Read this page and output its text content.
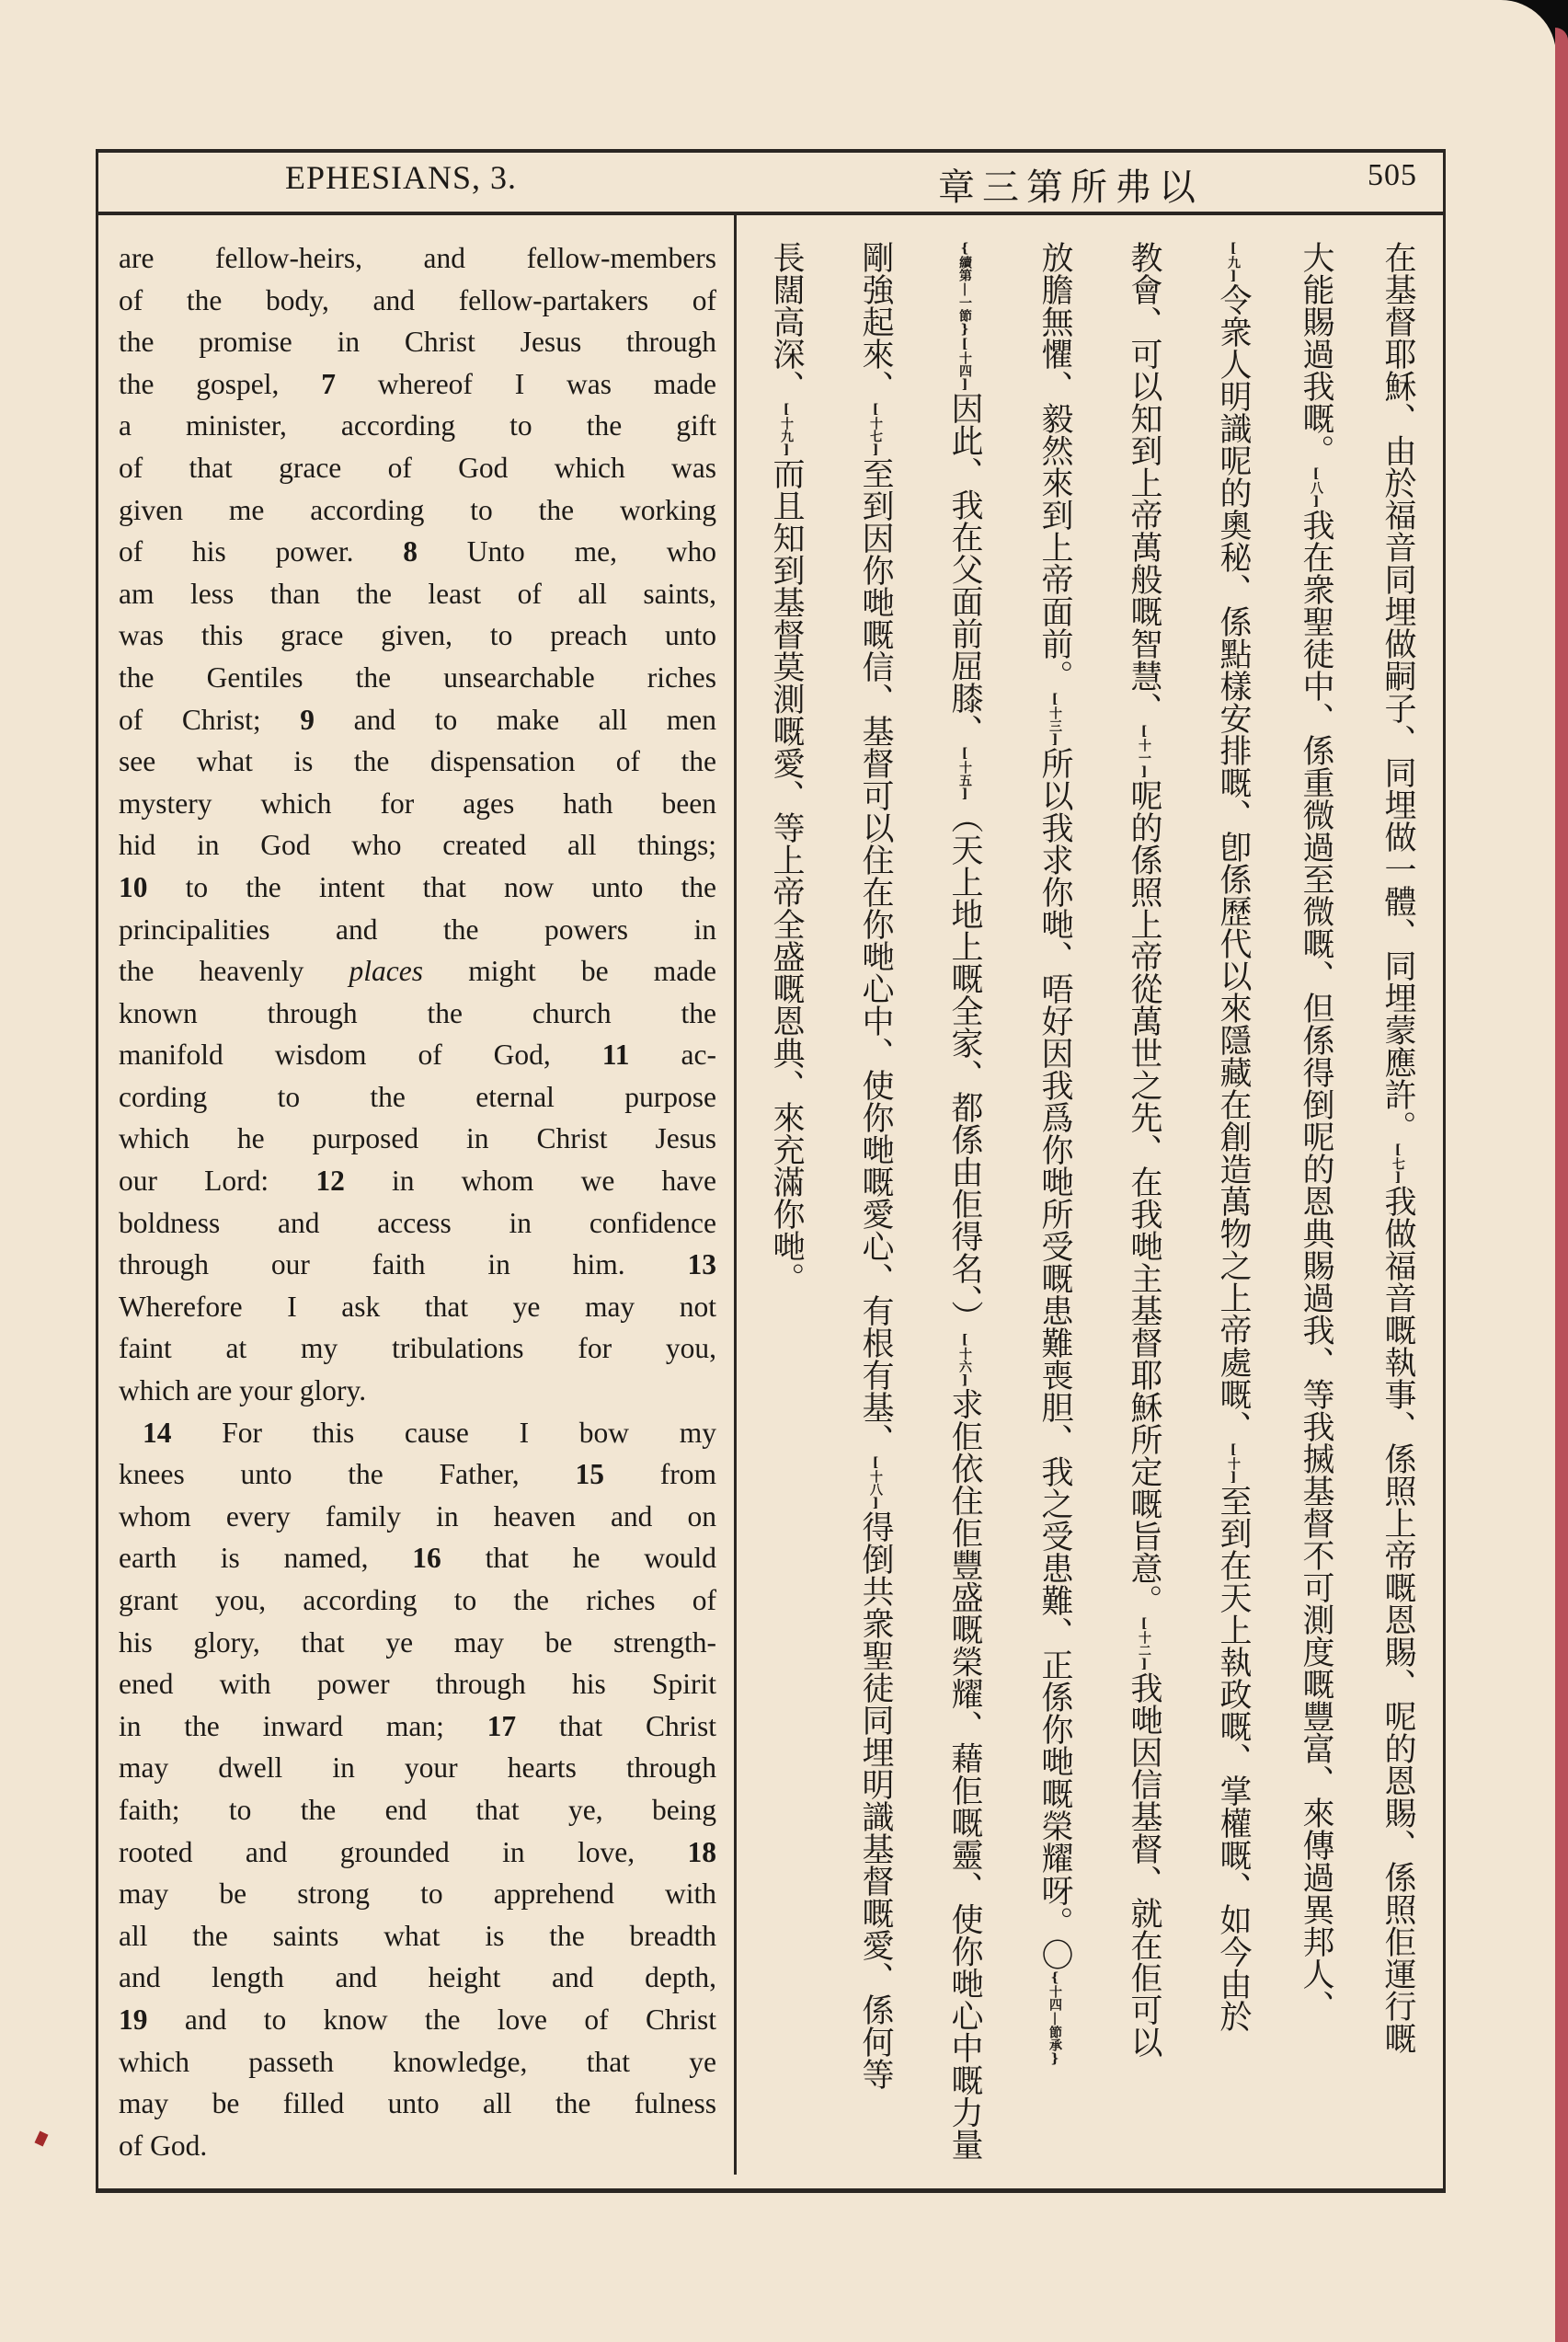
EPHESIANS, 3.	章三第所弗以	505
are fellow-heirs, and fellow-members
of the body, and fellow-partakers of
the promise in Christ Jesus through
the gospel, 7 whereof I was made
a minister, according to the gift
of that grace of God which was
given me according to the working
of his power. 8 Unto me, who
am less than the least of all saints,
was this grace given, to preach unto
the Gentiles the unsearchable riches
of Christ; 9 and to make all men
see what is the dispensation of the
mystery which for ages hath been
hid in God who created all things;
10 to the intent that now unto the
principalities and the powers in
the heavenly places might be made
known through the church the
manifold wisdom of God, 11 ac-
cording to the eternal purpose
which he purposed in Christ Jesus
our Lord: 12 in whom we have
boldness and access in confidence
through our faith in him. 13
Wherefore I ask that ye may not
faint at my tribulations for you,
which are your glory.
14 For this cause I bow my
knees unto the Father, 15 from
whom every family in heaven and on
earth is named, 16 that he would
grant you, according to the riches of
his glory, that ye may be strength-
ened with power through his Spirit
in the inward man; 17 that Christ
may dwell in your hearts through
faith; to the end that ye, being
rooted and grounded in love, 18
may be strong to apprehend with
all the saints what is the breadth
and length and height and depth,
19 and to know the love of Christ
which passeth knowledge, that ye
may be filled unto all the fulness
of God.
在基督耶穌、由於福音同埋做嗣子、同埋做一體、同埋蒙應許。[七]我做福音嘅執事、係照上帝嘅恩賜、呢的恩賜、係照佢運行嘅
大能賜過我嘅。[八]我在衆聖徒中、係重微過至微嘅、但係得倒呢的恩典賜過我、等我搣基督不可測度嘅豐富、來傳過異邦人、
[九]令衆人明識呢的奧秘、係點樣安排嘅、卽係歷代以來隱藏在創造萬物之上帝處嘅、[十]至到在天上執政嘅、掌權嘅、如今由於
教會、可以知到上帝萬般嘅智慧、[十一]呢的係照上帝從萬世之先、在我哋主基督耶穌所定嘅旨意。[十二]我哋因信基督、就在佢可以
放膽無懼、毅然來到上帝面前。[十三]所以我求你哋、唔好因我爲你哋所受嘅患難喪胆、我之受患難、正係你哋嘅榮耀呀。〇{十四|節承}
{續第|一節}[十四]因此、我在父面前屈膝、[十五]（天上地上嘅全家、都係由佢得名、）[十六]求佢依住佢豐盛嘅榮耀、藉佢嘅靈、使你哋心中嘅力量
剛強起來、[十七]至到因你哋嘅信、基督可以住在你哋心中、使你哋嘅愛心、有根有基、[十八]得倒共衆聖徒同埋明識基督嘅愛、係何等
長闊高深、[十九]而且知到基督莫測嘅愛、等上帝全盛嘅恩典、來充滿你哋。
